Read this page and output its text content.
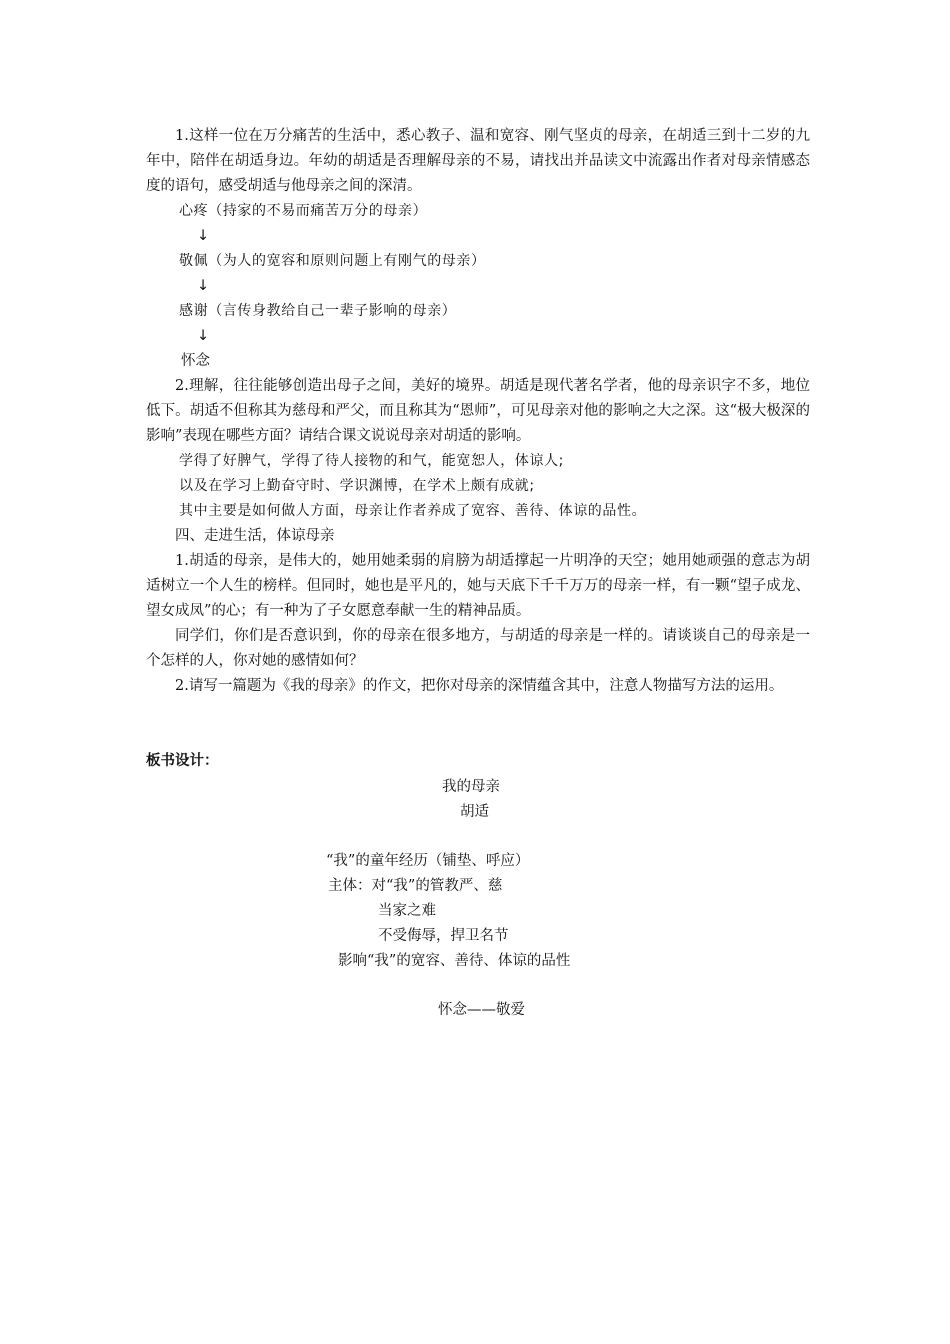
1.这样一位在万分痛苦的生活中，悉心教子、温和宽容、刚气坚贞的母亲，在胡适三到十二岁的九年中，陪伴在胡适身边。年幼的胡适是否理解母亲的不易，请找出并品读文中流露出作者对母亲情感态度的语句，感受胡适与他母亲之间的深清。

心疼（持家的不易而痛苦万分的母亲）

↓

敬佩（为人的宽容和原则问题上有刚气的母亲）

↓

感谢（言传身教给自己一辈子影响的母亲）

↓

怀念

2.理解，往往能够创造出母子之间，美好的境界。胡适是现代著名学者，他的母亲识字不多，地位低下。胡适不但称其为慈母和严父，而且称其为“恩师”，可见母亲对他的影响之大之深。这“极大极深的影响”表现在哪些方面？请结合课文说说母亲对胡适的影响。

学得了好脾气，学得了待人接物的和气，能宽恕人，体谅人;

以及在学习上勤奋守时、学识渊博，在学术上颇有成就;

其中主要是如何做人方面，母亲让作者养成了宽容、善待、体谅的品性。

四、走进生活，体谅母亲

1.胡适的母亲，是伟大的，她用她柔弱的肩膀为胡适撑起一片明净的天空；她用她顽强的意志为胡适树立一个人生的榜样。但同时，她也是平凡的，她与天底下千千万万的母亲一样，有一颗“望子成龙、望女成凤”的心；有一种为了子女愿意奉献一生的精神品质。

同学们，你们是否意识到，你的母亲在很多地方，与胡适的母亲是一样的。请谈谈自己的母亲是一个怎样的人，你对她的感情如何？

2.请写一篇题为《我的母亲》的作文，把你对母亲的深情蕴含其中，注意人物描写方法的运用。

板书设计：

我的母亲

胡适

“我”的童年经历（铺垫、呼应）

主体：对“我”的管教严、慈

当家之难

不受侮辱，捍卫名节

影响“我”的宽容、善待、体谅的品性

怀念——敬爱
